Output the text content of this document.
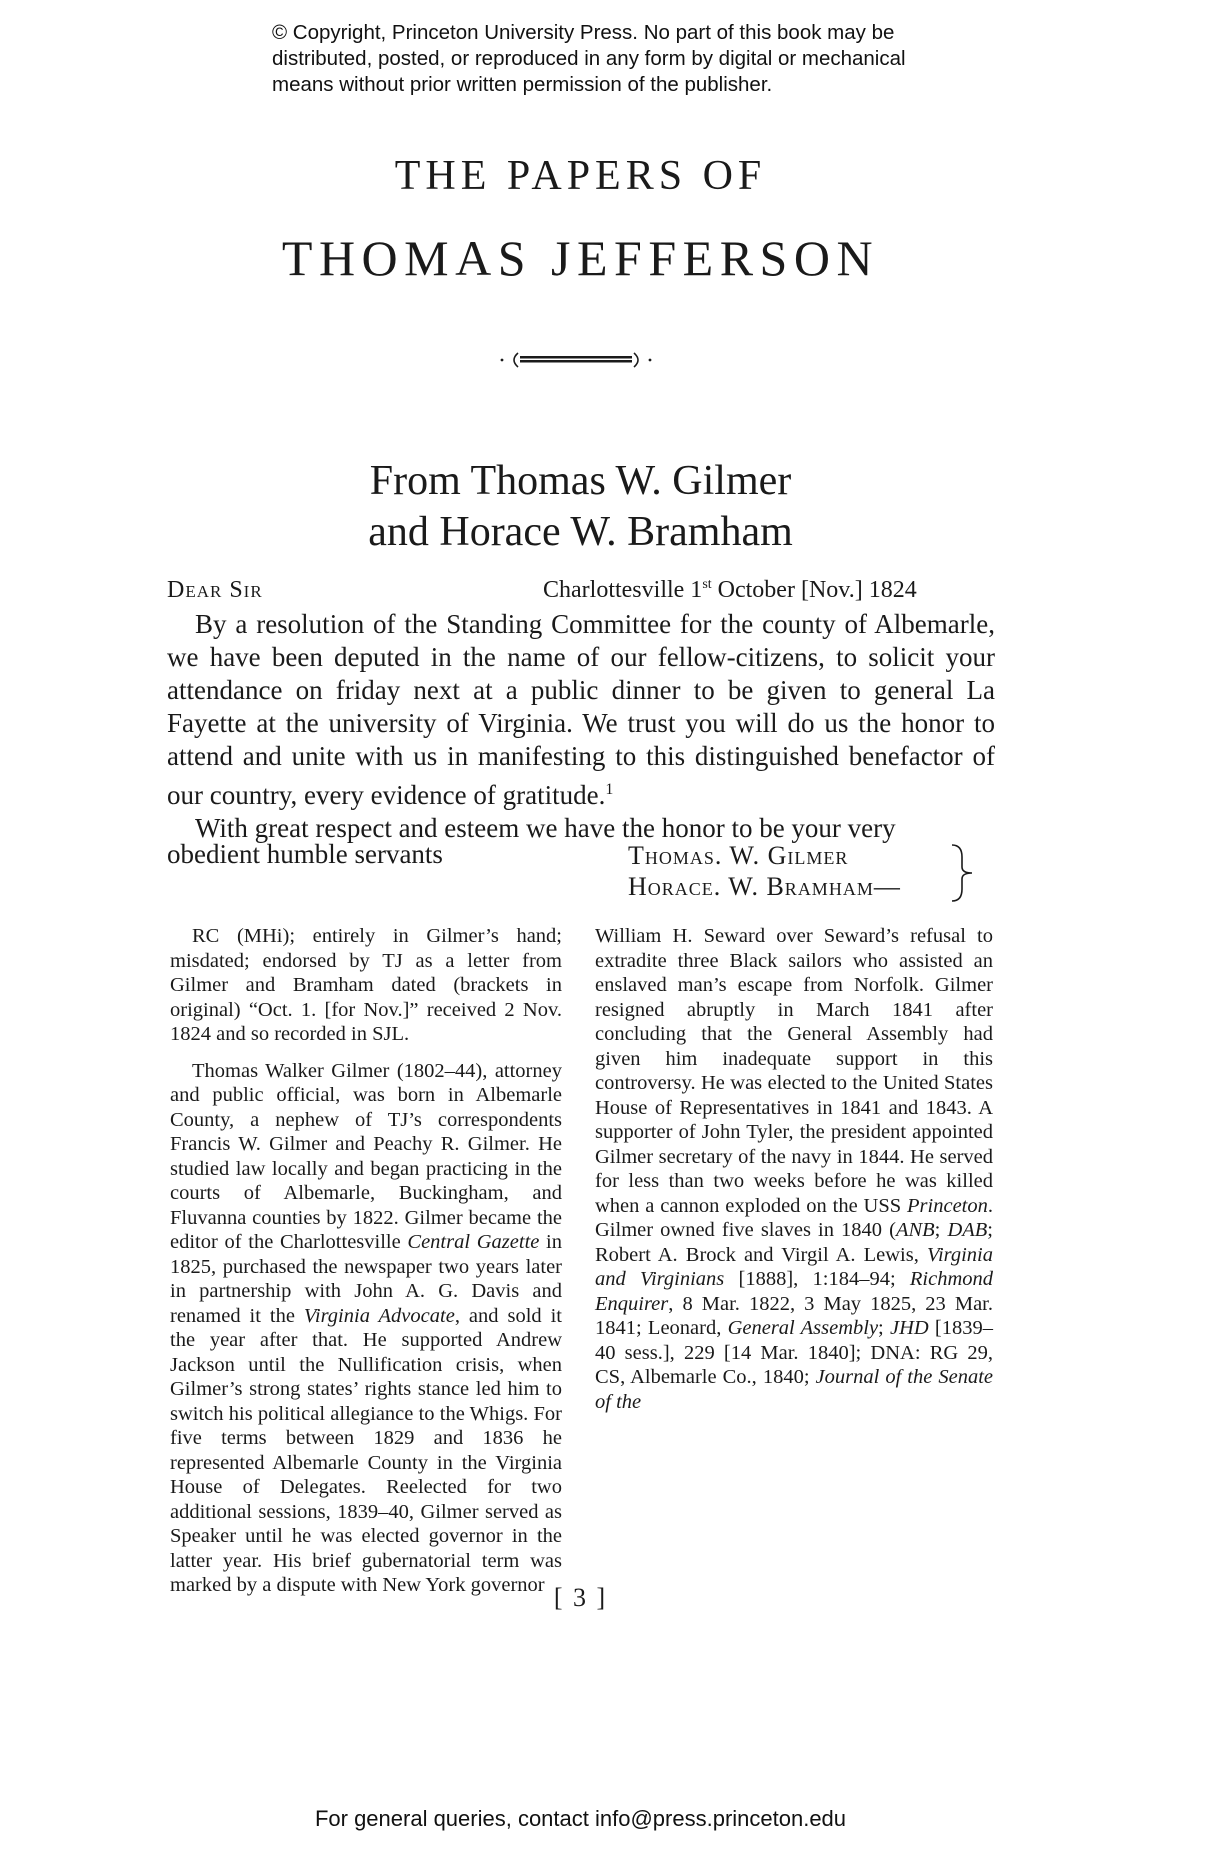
© Copyright, Princeton University Press. No part of this book may be
distributed, posted, or reproduced in any form by digital or mechanical
means without prior written permission of the publisher.
THE PAPERS OF
THOMAS JEFFERSON
From Thomas W. Gilmer
and Horace W. Bramham
Dear Sir	Charlottesville 1st October [Nov.] 1824

By a resolution of the Standing Committee for the county of Albemarle, we have been deputed in the name of our fellow-citizens, to solicit your attendance on friday next at a public dinner to be given to general La Fayette at the university of Virginia. We trust you will do us the honor to attend and unite with us in manifesting to this distinguished benefactor of our country, every evidence of gratitude.$^1$

With great respect and esteem we have the honor to be your very

obedient humble servants	Thomas. W. Gilmer
Horace. W. Bramham—

RC (MHi); entirely in Gilmer’s hand; misdated; endorsed by TJ as a letter from Gilmer and Bramham dated (brackets in original) “Oct. 1. [for Nov.]” received 2 Nov. 1824 and so recorded in SJL.

Thomas Walker Gilmer (1802–44), attorney and public official, was born in Albemarle County, a nephew of TJ’s correspondents Francis W. Gilmer and Peachy R. Gilmer. He studied law locally and began practicing in the courts of Albemarle, Buckingham, and Fluvanna counties by 1822. Gilmer became the editor of the Charlottesville Central Gazette in 1825, purchased the newspaper two years later in partnership with John A. G. Davis and renamed it the Virginia Advocate, and sold it the year after that. He supported Andrew Jackson until the Nullification crisis, when Gilmer’s strong states’ rights stance led him to switch his political allegiance to the Whigs. For five terms between 1829 and 1836 he represented Albemarle County in the Virginia House of Delegates. Reelected for two additional sessions, 1839–40, Gilmer served as Speaker until he was elected governor in the latter year. His brief gubernatorial term was marked by a dispute with New York governor

William H. Seward over Seward’s refusal to extradite three Black sailors who assisted an enslaved man’s escape from Norfolk. Gilmer resigned abruptly in March 1841 after concluding that the General Assembly had given him inadequate support in this controversy. He was elected to the United States House of Representatives in 1841 and 1843. A supporter of John Tyler, the president appointed Gilmer secretary of the navy in 1844. He served for less than two weeks before he was killed when a cannon exploded on the USS Princeton. Gilmer owned five slaves in 1840 (ANB; DAB; Robert A. Brock and Virgil A. Lewis, Virginia and Virginians [1888], 1:184–94; Richmond Enquirer, 8 Mar. 1822, 3 May 1825, 23 Mar. 1841; Leonard, General Assembly; JHD [1839–40 sess.], 229 [14 Mar. 1840]; DNA: RG 29, CS, Albemarle Co., 1840; Journal of the Senate of the

[ 3 ]
For general queries, contact info@press.princeton.edu
